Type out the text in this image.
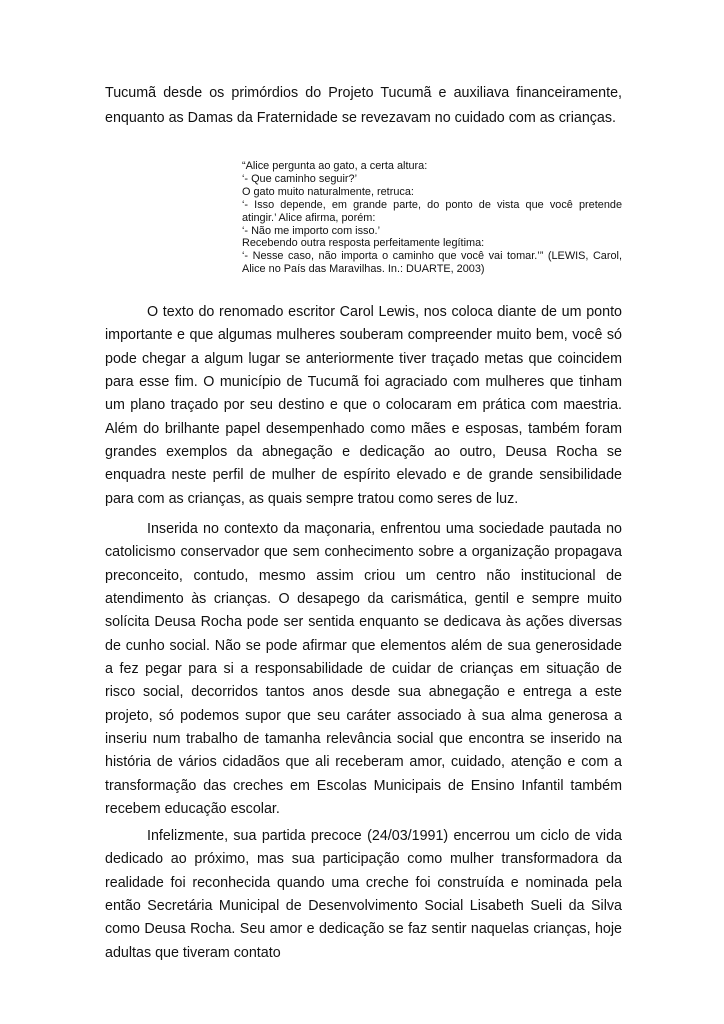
Tucumã desde os primórdios do Projeto Tucumã e auxiliava financeiramente, enquanto as Damas da Fraternidade se revezavam no cuidado com as crianças.

“Alice pergunta ao gato, a certa altura:
‘- Que caminho seguir?’
O gato muito naturalmente, retruca:
‘- Isso depende, em grande parte, do ponto de vista que você pretende atingir.’ Alice afirma, porém:
‘- Não me importo com isso.’
Recebendo outra resposta perfeitamente legítima:
‘- Nesse caso, não importa o caminho que você vai tomar.’” (LEWIS, Carol, Alice no País das Maravilhas. In.: DUARTE, 2003)

O texto do renomado escritor Carol Lewis, nos coloca diante de um ponto importante e que algumas mulheres souberam compreender muito bem, você só pode chegar a algum lugar se anteriormente tiver traçado metas que coincidem para esse fim. O município de Tucumã foi agraciado com mulheres que tinham um plano traçado por seu destino e que o colocaram em prática com maestria. Além do brilhante papel desempenhado como mães e esposas, também foram grandes exemplos da abnegação e dedicação ao outro, Deusa Rocha se enquadra neste perfil de mulher de espírito elevado e de grande sensibilidade para com as crianças, as quais sempre tratou como seres de luz.

Inserida no contexto da maçonaria, enfrentou uma sociedade pautada no catolicismo conservador que sem conhecimento sobre a organização propagava preconceito, contudo, mesmo assim criou um centro não institucional de atendimento às crianças. O desapego da carismática, gentil e sempre muito solícita Deusa Rocha pode ser sentida enquanto se dedicava às ações diversas de cunho social. Não se pode afirmar que elementos além de sua generosidade a fez pegar para si a responsabilidade de cuidar de crianças em situação de risco social, decorridos tantos anos desde sua abnegação e entrega a este projeto, só podemos supor que seu caráter associado à sua alma generosa a inseriu num trabalho de tamanha relevância social que encontra se inserido na história de vários cidadãos que ali receberam amor, cuidado, atenção e com a transformação das creches em Escolas Municipais de Ensino Infantil também recebem educação escolar.

Infelizmente, sua partida precoce (24/03/1991) encerrou um ciclo de vida dedicado ao próximo, mas sua participação como mulher transformadora da realidade foi reconhecida quando uma creche foi construída e nominada pela então Secretária Municipal de Desenvolvimento Social Lisabeth Sueli da Silva como Deusa Rocha. Seu amor e dedicação se faz sentir naquelas crianças, hoje adultas que tiveram contato
